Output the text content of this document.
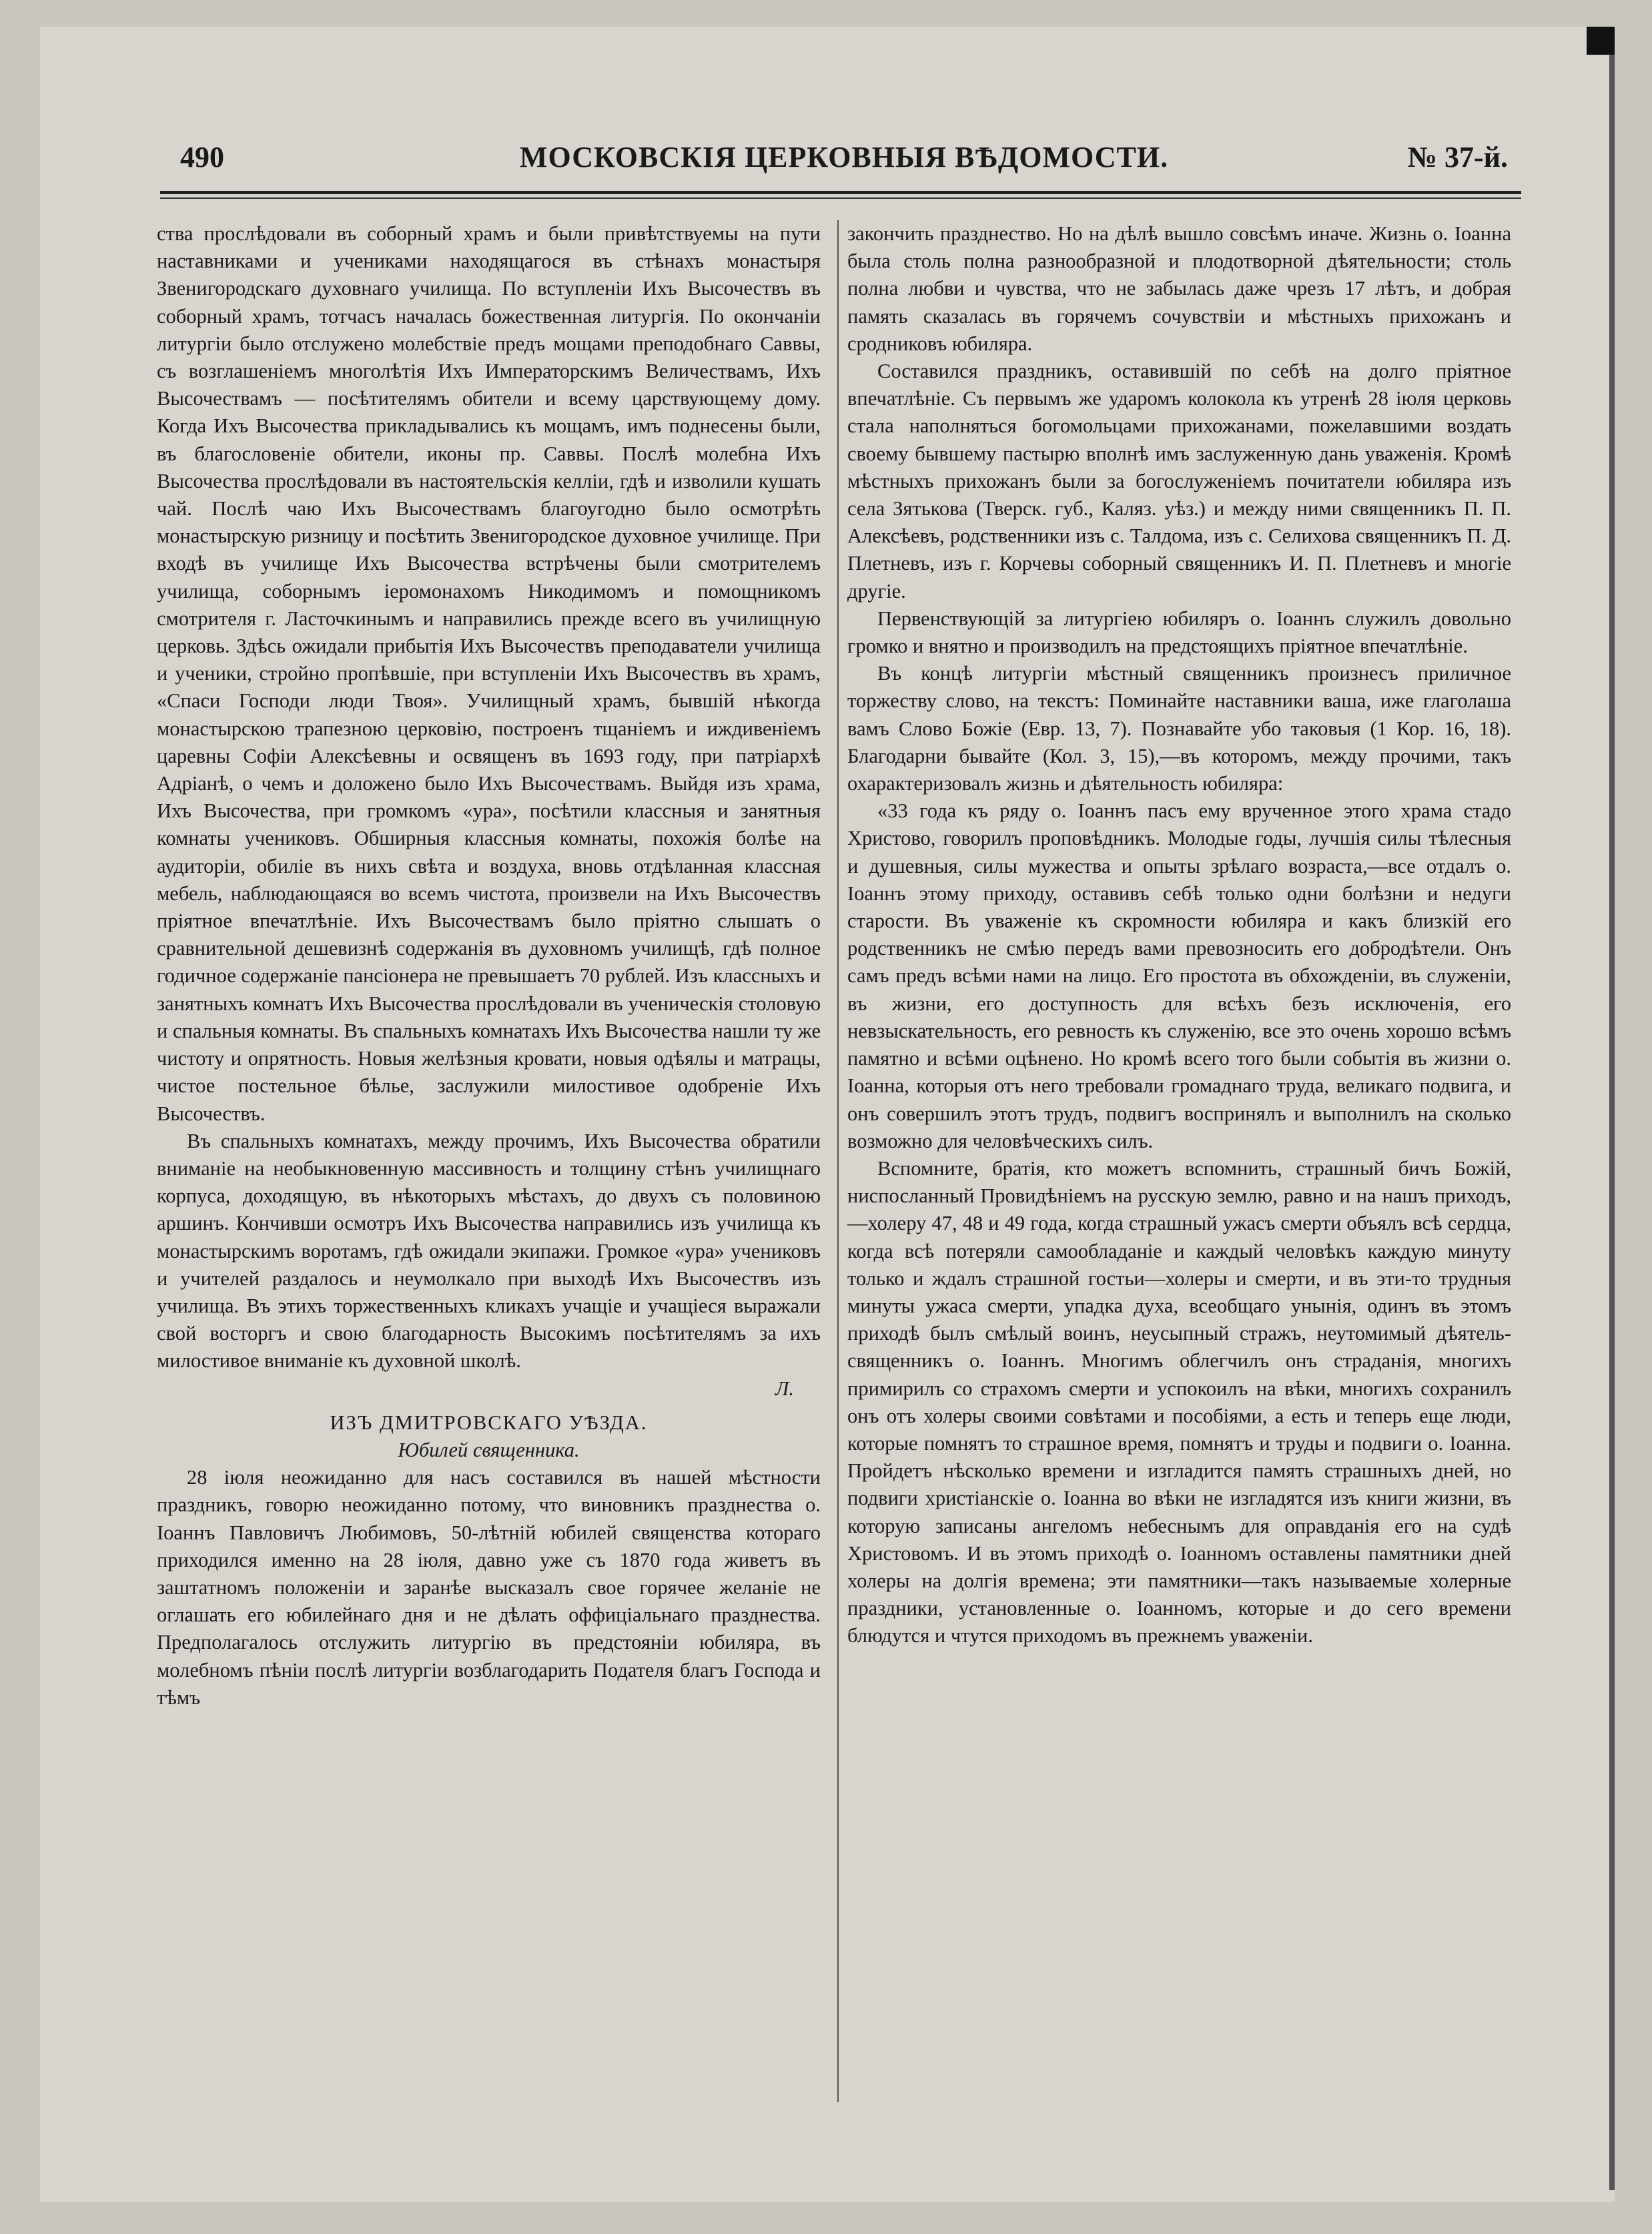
490	МОСКОВСКІЯ ЦЕРКОВНЫЯ ВѢДОМОСТИ.	№ 37-й.

ства прослѣдовали въ соборный храмъ и были привѣтствуемы на пути наставниками и учениками находящагося въ стѣнахъ монастыря Звенигородскаго духовнаго училища. По вступленіи Ихъ Высочествъ въ соборный храмъ, тотчасъ началась божественная литургія. По окончаніи литургіи было отслужено молебствіе предъ мощами преподобнаго Саввы, съ возглашеніемъ многолѣтія Ихъ Императорскимъ Величествамъ, Ихъ Высочествамъ — посѣтителямъ обители и всему царствующему дому. Когда Ихъ Высочества прикладывались къ мощамъ, имъ поднесены были, въ благословеніе обители, иконы пр. Саввы. Послѣ молебна Ихъ Высочества прослѣдовали въ настоятельскія келліи, гдѣ и изволили кушать чай. Послѣ чаю Ихъ Высочествамъ благоугодно было осмотрѣть монастырскую ризницу и посѣтить Звенигородское духовное училище. При входѣ въ училище Ихъ Высочества встрѣчены были смотрителемъ училища, соборнымъ іеромонахомъ Никодимомъ и помощникомъ смотрителя г. Ласточкинымъ и направились прежде всего въ училищную церковь. Здѣсь ожидали прибытія Ихъ Высочествъ преподаватели училища и ученики, стройно пропѣвшіе, при вступленіи Ихъ Высочествъ въ храмъ, «Спаси Господи люди Твоя». Училищный храмъ, бывшій нѣкогда монастырскою трапезною церковію, построенъ тщаніемъ и иждивеніемъ царевны Софіи Алексѣевны и освященъ въ 1693 году, при патріархѣ Адріанѣ, о чемъ и доложено было Ихъ Высочествамъ. Выйдя изъ храма, Ихъ Высочества, при громкомъ «ура», посѣтили классныя и занятныя комнаты учениковъ. Обширныя классныя комнаты, похожія болѣе на аудиторіи, обиліе въ нихъ свѣта и воздуха, вновь отдѣланная классная мебель, наблюдающаяся во всемъ чистота, произвели на Ихъ Высочествъ пріятное впечатлѣніе. Ихъ Высочествамъ было пріятно слышать о сравнительной дешевизнѣ содержанія въ духовномъ училищѣ, гдѣ полное годичное содержаніе пансіонера не превышаетъ 70 рублей. Изъ классныхъ и занятныхъ комнатъ Ихъ Высочества прослѣдовали въ ученическія столовую и спальныя комнаты. Въ спальныхъ комнатахъ Ихъ Высочества нашли ту же чистоту и опрятность. Новыя желѣзныя кровати, новыя одѣялы и матрацы, чистое постельное бѣлье, заслужили милостивое одобреніе Ихъ Высочествъ.

Въ спальныхъ комнатахъ, между прочимъ, Ихъ Высочества обратили вниманіе на необыкновенную массивность и толщину стѣнъ училищнаго корпуса, доходящую, въ нѣкоторыхъ мѣстахъ, до двухъ съ половиною аршинъ. Кончивши осмотръ Ихъ Высочества направились изъ училища къ монастырскимъ воротамъ, гдѣ ожидали экипажи. Громкое «ура» учениковъ и учителей раздалось и неумолкало при выходѣ Ихъ Высочествъ изъ училища. Въ этихъ торжественныхъ кликахъ учащіе и учащіеся выражали свой восторгъ и свою благодарность Высокимъ посѣтителямъ за ихъ милостивое вниманіе къ духовной школѣ.

Л.

ИЗЪ ДМИТРОВСКАГО УѢЗДА.

Юбилей священника.

28 іюля неожиданно для насъ составился въ нашей мѣстности праздникъ, говорю неожиданно потому, что виновникъ празднества о. Іоаннъ Павловичъ Любимовъ, 50-лѣтній юбилей священства котораго приходился именно на 28 іюля, давно уже съ 1870 года живетъ въ заштатномъ положеніи и заранѣе высказалъ свое горячее желаніе не оглашать его юбилейнаго дня и не дѣлать оффиціальнаго празднества. Предполагалось отслужить литургію въ предстояніи юбиляра, въ молебномъ пѣніи послѣ литургіи возблагодарить Подателя благъ Господа и тѣмъ

закончить празднество. Но на дѣлѣ вышло совсѣмъ иначе. Жизнь о. Іоанна была столь полна разнообразной и плодотворной дѣятельности; столь полна любви и чувства, что не забылась даже чрезъ 17 лѣтъ, и добрая память сказалась въ горячемъ сочувствіи и мѣстныхъ прихожанъ и сродниковъ юбиляра.

Составился праздникъ, оставившій по себѣ на долго пріятное впечатлѣніе. Съ первымъ же ударомъ колокола къ утренѣ 28 іюля церковь стала наполняться богомольцами прихожанами, пожелавшими воздать своему бывшему пастырю вполнѣ имъ заслуженную дань уваженія. Кромѣ мѣстныхъ прихожанъ были за богослуженіемъ почитатели юбиляра изъ села Зятькова (Тверск. губ., Каляз. уѣз.) и между ними священникъ П. П. Алексѣевъ, родственники изъ с. Талдома, изъ с. Селихова священникъ П. Д. Плетневъ, изъ г. Корчевы соборный священникъ И. П. Плетневъ и многіе другіе.

Первенствующій за литургіею юбиляръ о. Іоаннъ служилъ довольно громко и внятно и производилъ на предстоящихъ пріятное впечатлѣніе.

Въ концѣ литургіи мѣстный священникъ произнесъ приличное торжеству слово, на текстъ: Поминайте наставники ваша, иже глаголаша вамъ Слово Божіе (Евр. 13, 7). Познавайте убо таковыя (1 Кор. 16, 18). Благодарни бывайте (Кол. 3, 15),—въ которомъ, между прочими, такъ охарактеризовалъ жизнь и дѣятельность юбиляра:

«33 года къ ряду о. Іоаннъ пасъ ему врученное этого храма стадо Христово, говорилъ проповѣдникъ. Молодые годы, лучшія силы тѣлесныя и душевныя, силы мужества и опыты зрѣлаго возраста,—все отдалъ о. Іоаннъ этому приходу, оставивъ себѣ только одни болѣзни и недуги старости. Въ уваженіе къ скромности юбиляра и какъ близкій его родственникъ не смѣю передъ вами превозносить его добродѣтели. Онъ самъ предъ всѣми нами на лицо. Его простота въ обхожденіи, въ служеніи, въ жизни, его доступность для всѣхъ безъ исключенія, его невзыскательность, его ревность къ служенію, все это очень хорошо всѣмъ памятно и всѣми оцѣнено. Но кромѣ всего того были событія въ жизни о. Іоанна, которыя отъ него требовали громаднаго труда, великаго подвига, и онъ совершилъ этотъ трудъ, подвигъ воспринялъ и выполнилъ на сколько возможно для человѣческихъ силъ.

Вспомните, братія, кто можетъ вспомнить, страшный бичъ Божій, ниспосланный Провидѣніемъ на русскую землю, равно и на нашъ приходъ,—холеру 47, 48 и 49 года, когда страшный ужасъ смерти объялъ всѣ сердца, когда всѣ потеряли самообладаніе и каждый человѣкъ каждую минуту только и ждалъ страшной гостьи—холеры и смерти, и въ эти-то трудныя минуты ужаса смерти, упадка духа, всеобщаго унынія, одинъ въ этомъ приходѣ былъ смѣлый воинъ, неусыпный стражъ, неутомимый дѣятель-священникъ о. Іоаннъ. Многимъ облегчилъ онъ страданія, многихъ примирилъ со страхомъ смерти и успокоилъ на вѣки, многихъ сохранилъ онъ отъ холеры своими совѣтами и пособіями, а есть и теперь еще люди, которые помнятъ то страшное время, помнятъ и труды и подвиги о. Іоанна. Пройдетъ нѣсколько времени и изгладится память страшныхъ дней, но подвиги христіанскіе о. Іоанна во вѣки не изгладятся изъ книги жизни, въ которую записаны ангеломъ небеснымъ для оправданія его на судѣ Христовомъ. И въ этомъ приходѣ о. Іоанномъ оставлены памятники дней холеры на долгія времена; эти памятники—такъ называемые холерные праздники, установленные о. Іоанномъ, которые и до сего времени блюдутся и чтутся приходомъ въ прежнемъ уваженіи.
